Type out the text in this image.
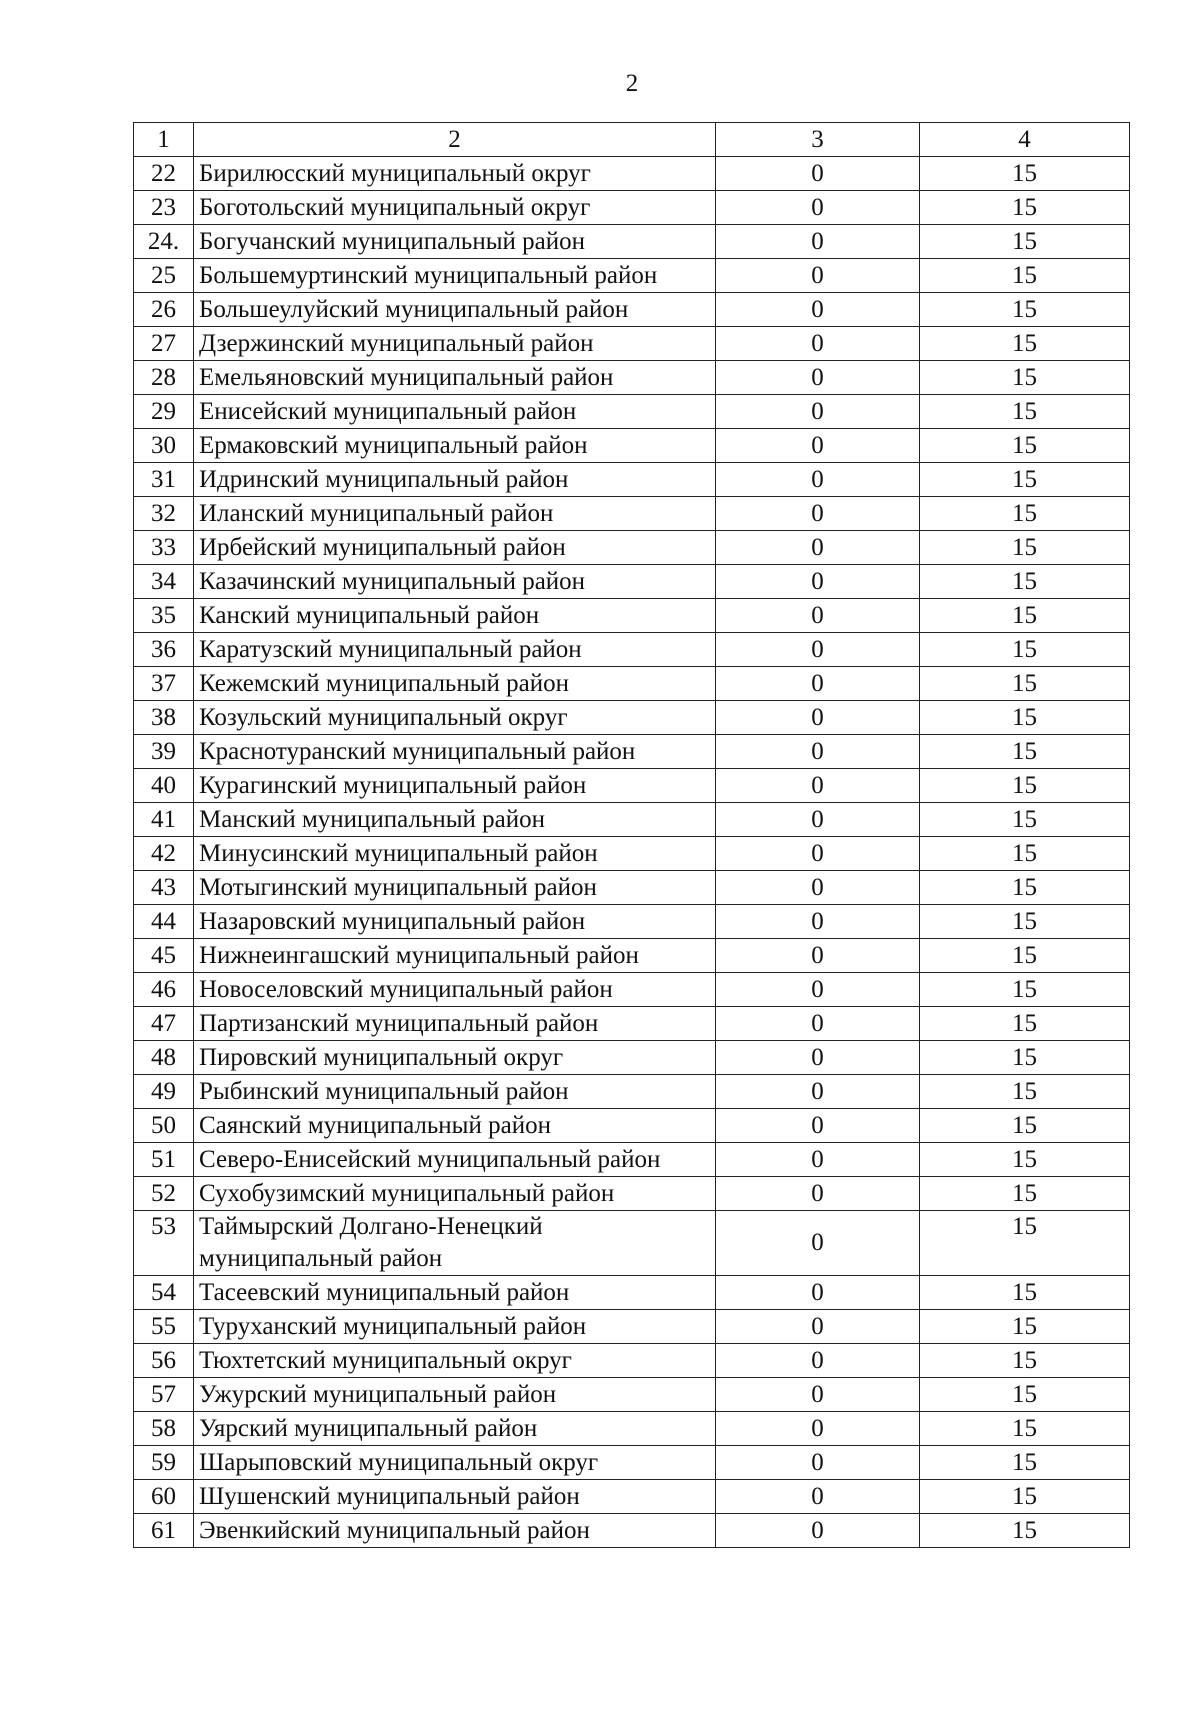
2
1	2	3	4
22	Бирилюсский муниципальный округ	0	15
23	Боготольский муниципальный округ	0	15
24.	Богучанский муниципальный район	0	15
25	Большемуртинский муниципальный район	0	15
26	Большеулуйский муниципальный район	0	15
27	Дзержинский муниципальный район	0	15
28	Емельяновский муниципальный район	0	15
29	Енисейский муниципальный район	0	15
30	Ермаковский муниципальный район	0	15
31	Идринский муниципальный район	0	15
32	Иланский муниципальный район	0	15
33	Ирбейский муниципальный район	0	15
34	Казачинский муниципальный район	0	15
35	Канский муниципальный район	0	15
36	Каратузский муниципальный район	0	15
37	Кежемский муниципальный район	0	15
38	Козульский муниципальный округ	0	15
39	Краснотуранский муниципальный район	0	15
40	Курагинский муниципальный район	0	15
41	Манский муниципальный район	0	15
42	Минусинский муниципальный район	0	15
43	Мотыгинский муниципальный район	0	15
44	Назаровский муниципальный район	0	15
45	Нижнеингашский муниципальный район	0	15
46	Новоселовский муниципальный район	0	15
47	Партизанский муниципальный район	0	15
48	Пировский муниципальный округ	0	15
49	Рыбинский муниципальный район	0	15
50	Саянский муниципальный район	0	15
51	Северо-Енисейский муниципальный район	0	15
52	Сухобузимский муниципальный район	0	15
53	Таймырский Долгано-Ненецкий муниципальный район	0	15
54	Тасеевский муниципальный район	0	15
55	Туруханский муниципальный район	0	15
56	Тюхтетский муниципальный округ	0	15
57	Ужурский муниципальный район	0	15
58	Уярский муниципальный район	0	15
59	Шарыповский муниципальный округ	0	15
60	Шушенский муниципальный район	0	15
61	Эвенкийский муниципальный район	0	15
